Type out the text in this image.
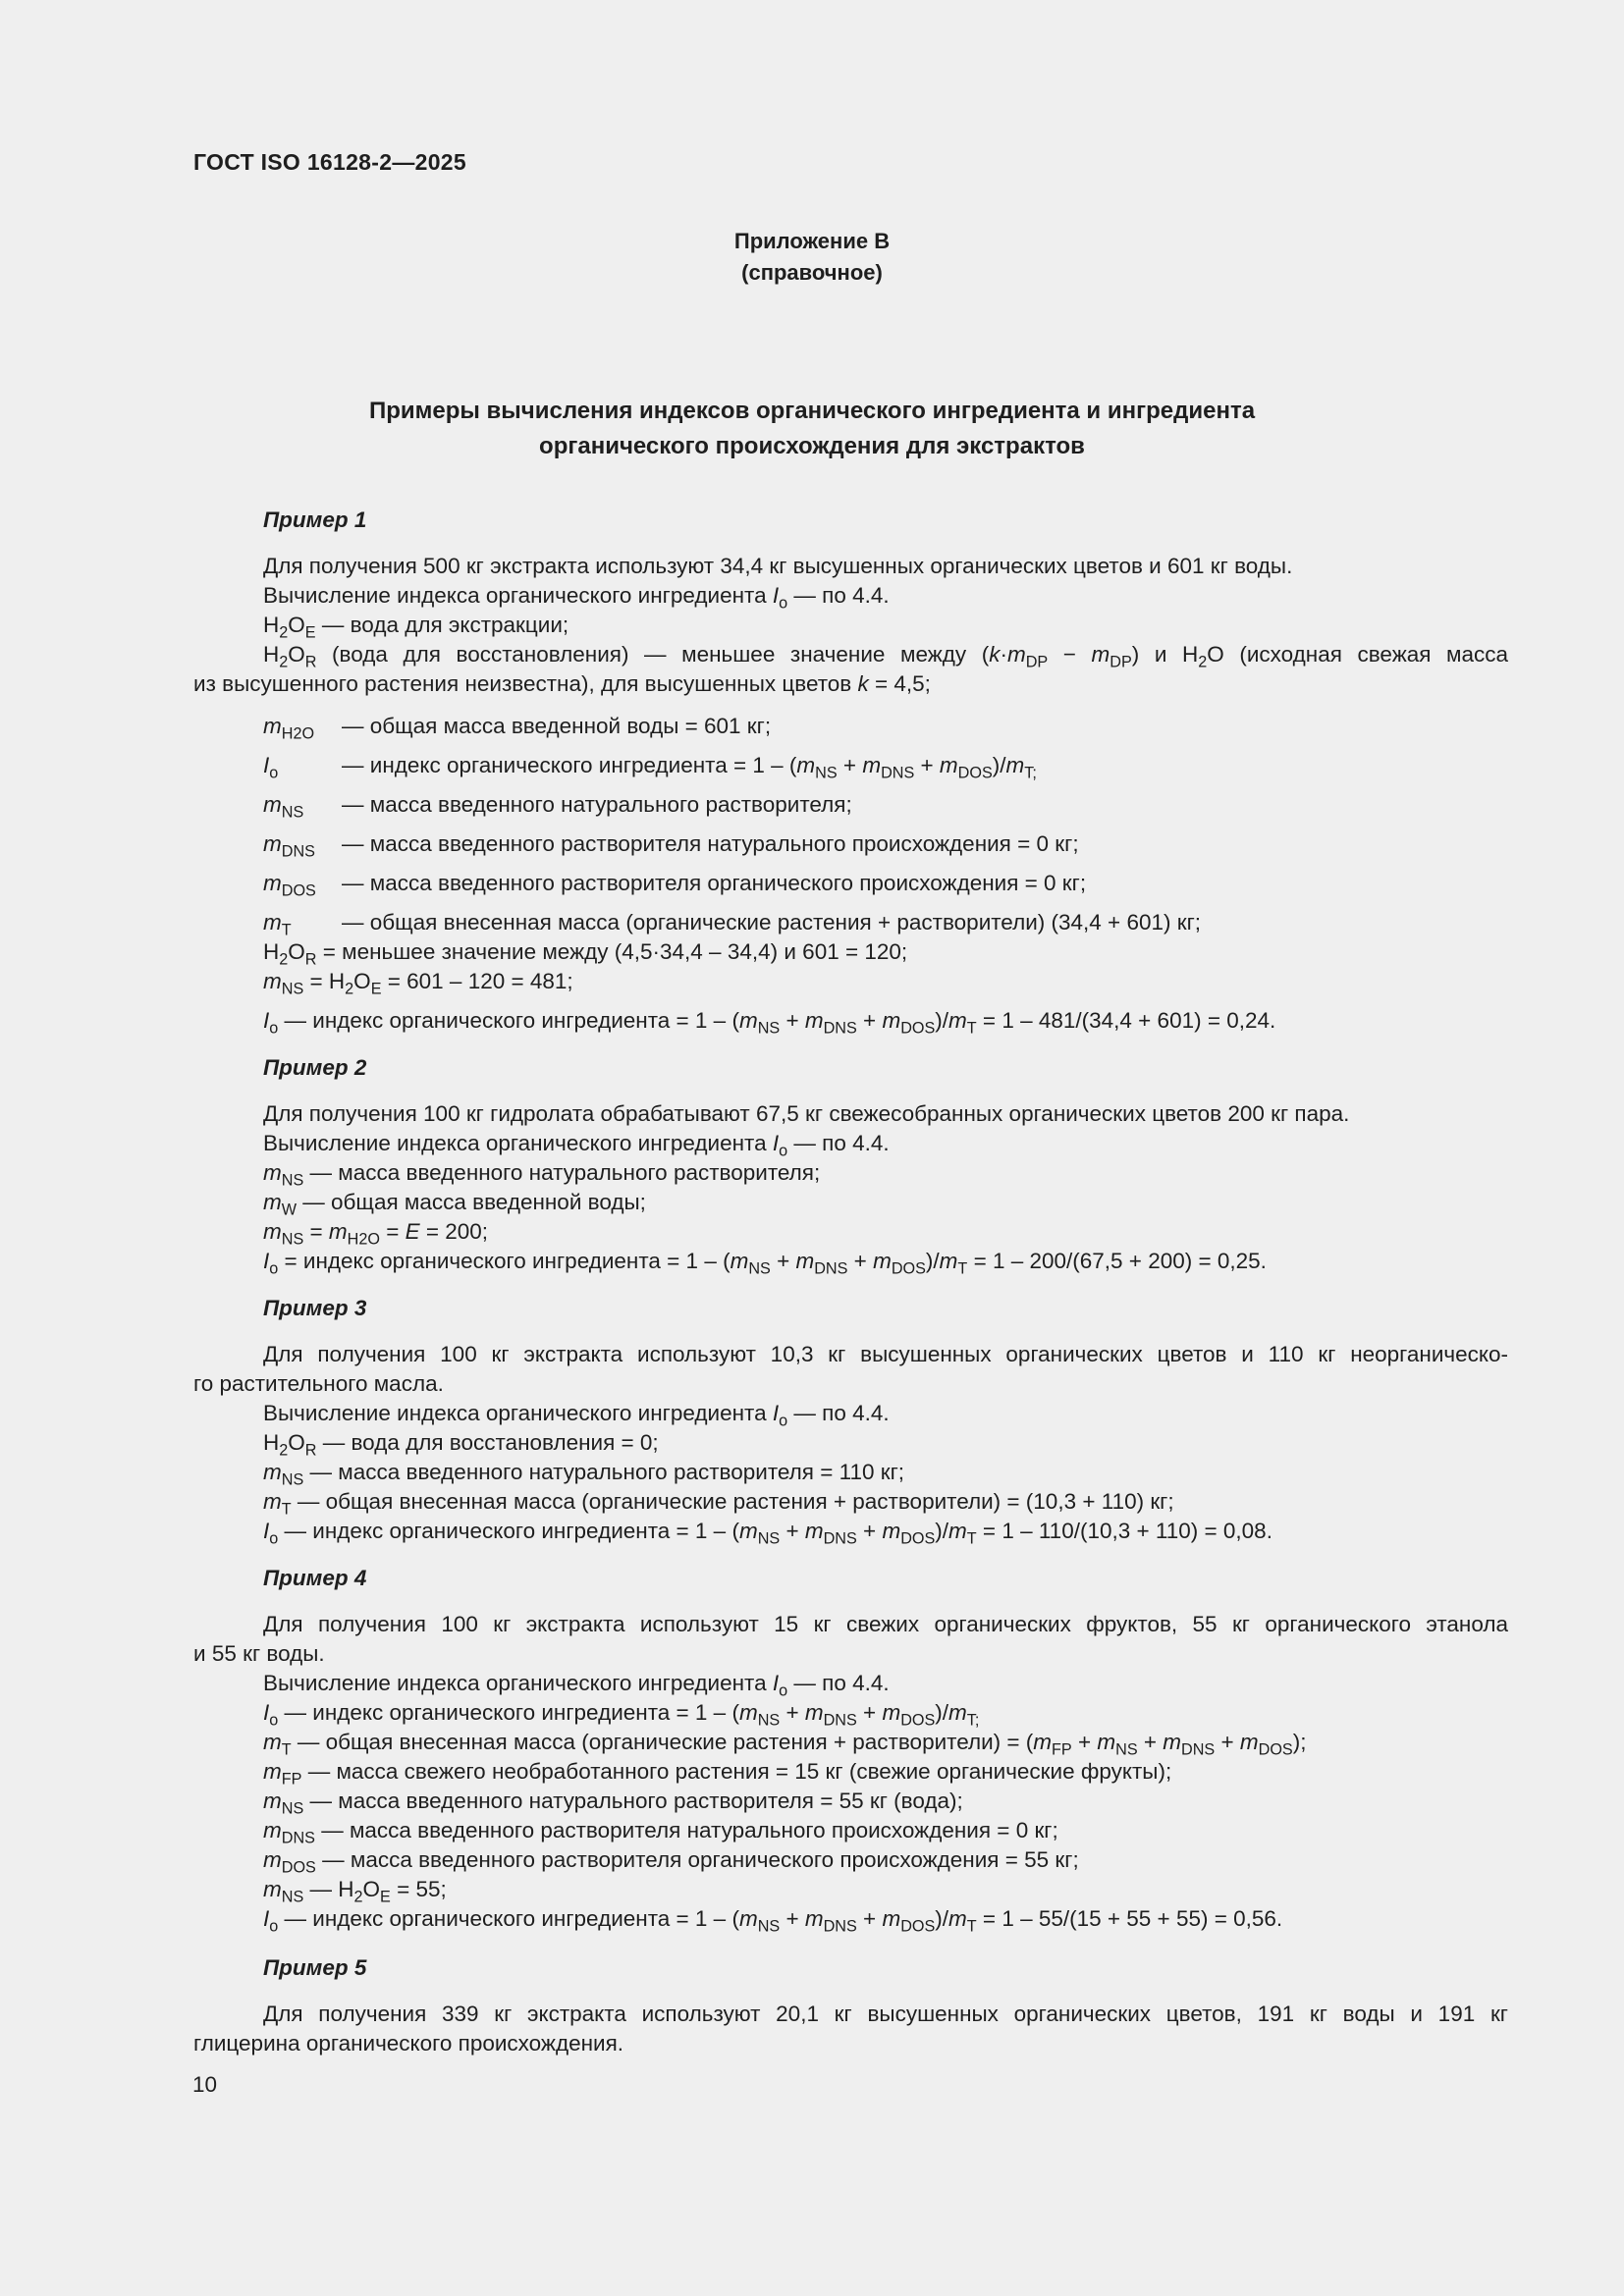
ГОСТ ISO 16128-2—2025
Приложение В
(справочное)
Примеры вычисления индексов органического ингредиента и ингредиента
органического происхождения для экстрактов
Пример 1
Для получения 500 кг экстракта используют 34,4 кг высушенных органических цветов и 601 кг воды.
Вычисление индекса органического ингредиента $I_o$ — по 4.4.
$H_2O_E$ — вода для экстракции;
$H_2O_R$ (вода для восстановления) — меньшее значение между $(k\cdot m_{DP} - m_{DP})$ и $H_2O$ (исходная свежая масса
из высушенного растения неизвестна), для высушенных цветов k = 4,5;
$m_{H2O}$ — общая масса введенной воды = 601 кг;
$I_o$	— индекс органического ингредиента = $1 - (m_{NS} + m_{DNS} + m_{DOS})/m_{T;}$
$m_{NS}$ — масса введенного натурального растворителя;
$m_{DNS}$ — масса введенного растворителя натурального происхождения = 0 кг;
$m_{DOS}$ — масса введенного растворителя органического происхождения = 0 кг;
$m_T$ — общая внесенная масса (органические растения + растворители) (34,4 + 601) кг;
$H_2O_R$ = меньшее значение между (4,5·34,4 – 34,4) и 601 = 120;
$m_{NS} = H_2O_E = 601 - 120 = 481$;
$I_o$ — индекс органического ингредиента = $1 - (m_{NS} + m_{DNS} + m_{DOS})/m_T = 1 - 481/(34,4 + 601) = 0,24$.
Пример 2
Для получения 100 кг гидролата обрабатывают 67,5 кг свежесобранных органических цветов 200 кг пара.
Вычисление индекса органического ингредиента $I_o$ — по 4.4.
$m_{NS}$ — масса введенного натурального растворителя;
$m_W$ — общая масса введенной воды;
$m_{NS} = m_{H2O} = E = 200$;
$I_o$ = индекс органического ингредиента = $1 - (m_{NS} + m_{DNS} + m_{DOS})/m_T = 1 - 200/(67,5 + 200) = 0,25$.
Пример 3
Для получения 100 кг экстракта используют 10,3 кг высушенных органических цветов и 110 кг неорганическо-
го растительного масла.
Вычисление индекса органического ингредиента $I_o$ — по 4.4.
$H_2O_R$ — вода для восстановления = 0;
$m_{NS}$ — масса введенного натурального растворителя = 110 кг;
$m_T$ — общая внесенная масса (органические растения + растворители) = (10,3 + 110) кг;
$I_o$ — индекс органического ингредиента = $1 - (m_{NS} + m_{DNS} + m_{DOS})/m_T = 1 - 110/(10,3 + 110) = 0,08$.
Пример 4
Для получения 100 кг экстракта используют 15 кг свежих органических фруктов, 55 кг органического этанола
и 55 кг воды.
Вычисление индекса органического ингредиента $I_o$ — по 4.4.
$I_o$ — индекс органического ингредиента = $1 - (m_{NS} + m_{DNS} + m_{DOS})/m_{T;}$
$m_T$ — общая внесенная масса (органические растения + растворители) = $(m_{FP} + m_{NS} + m_{DNS} + m_{DOS})$;
$m_{FP}$ — масса свежего необработанного растения = 15 кг (свежие органические фрукты);
$m_{NS}$ — масса введенного натурального растворителя = 55 кг (вода);
$m_{DNS}$ — масса введенного растворителя натурального происхождения = 0 кг;
$m_{DOS}$ — масса введенного растворителя органического происхождения = 55 кг;
$m_{NS}$ — $H_2O_E = 55$;
$I_o$ — индекс органического ингредиента = $1 - (m_{NS} + m_{DNS} + m_{DOS})/m_T = 1 - 55/(15 + 55 + 55) = 0,56$.
Пример 5
Для получения 339 кг экстракта используют 20,1 кг высушенных органических цветов, 191 кг воды и 191 кг
глицерина органического происхождения.
10
